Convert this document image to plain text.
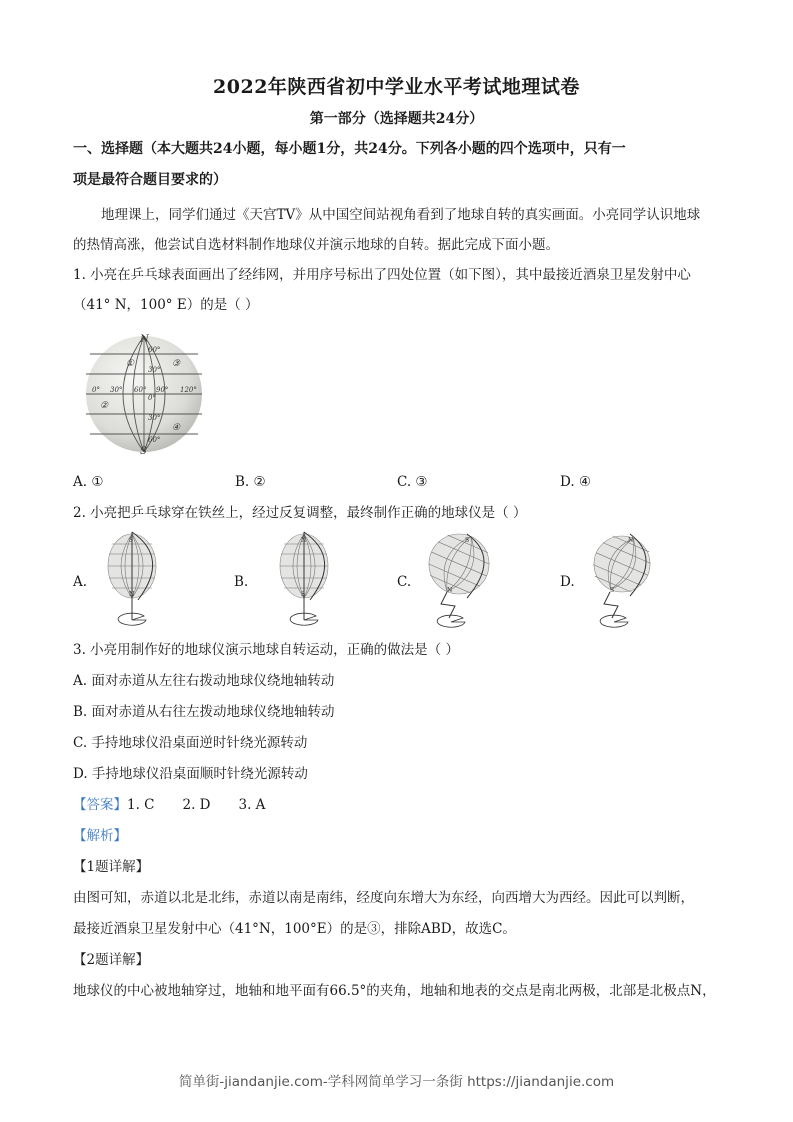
2022年陕西省初中学业水平考试地理试卷
第一部分（选择题共24分）
一、选择题（本大题共24小题，每小题1分，共24分。下列各小题的四个选项中，只有一
项是最符合题目要求的）
地理课上，同学们通过《天宫TV》从中国空间站视角看到了地球自转的真实画面。小亮同学认识地球
的热情高涨，他尝试自选材料制作地球仪并演示地球的自转。据此完成下面小题。
1. 小亮在乒乓球表面画出了经纬网，并用序号标出了四处位置（如下图），其中最接近酒泉卫星发射中心
（41° N，100° E）的是（ ）
N
S
0° 30° 60° 90° 120°
60°
30°
0°
30°
60°
①
②
③
④
A. ①	B. ②	C. ③	D. ④
2. 小亮把乒乓球穿在铁丝上，经过反复调整，最终制作正确的地球仪是（ ）
A.
S
N
B.
N
S
C.
S
N
D.
N
S
3. 小亮用制作好的地球仪演示地球自转运动，正确的做法是（ ）
A. 面对赤道从左往右拨动地球仪绕地轴转动
B. 面对赤道从右往左拨动地球仪绕地轴转动
C. 手持地球仪沿桌面逆时针绕光源转动
D. 手持地球仪沿桌面顺时针绕光源转动
【答案】1. C 2. D 3. A
【解析】
【1题详解】
由图可知，赤道以北是北纬，赤道以南是南纬，经度向东增大为东经，向西增大为西经。因此可以判断，
最接近酒泉卫星发射中心（41°N，100°E）的是③，排除ABD，故选C。
【2题详解】
地球仪的中心被地轴穿过，地轴和地平面有66.5°的夹角，地轴和地表的交点是南北两极，北部是北极点N，
简单街-jiandanjie.com-学科网简单学习一条街 https://jiandanjie.com
